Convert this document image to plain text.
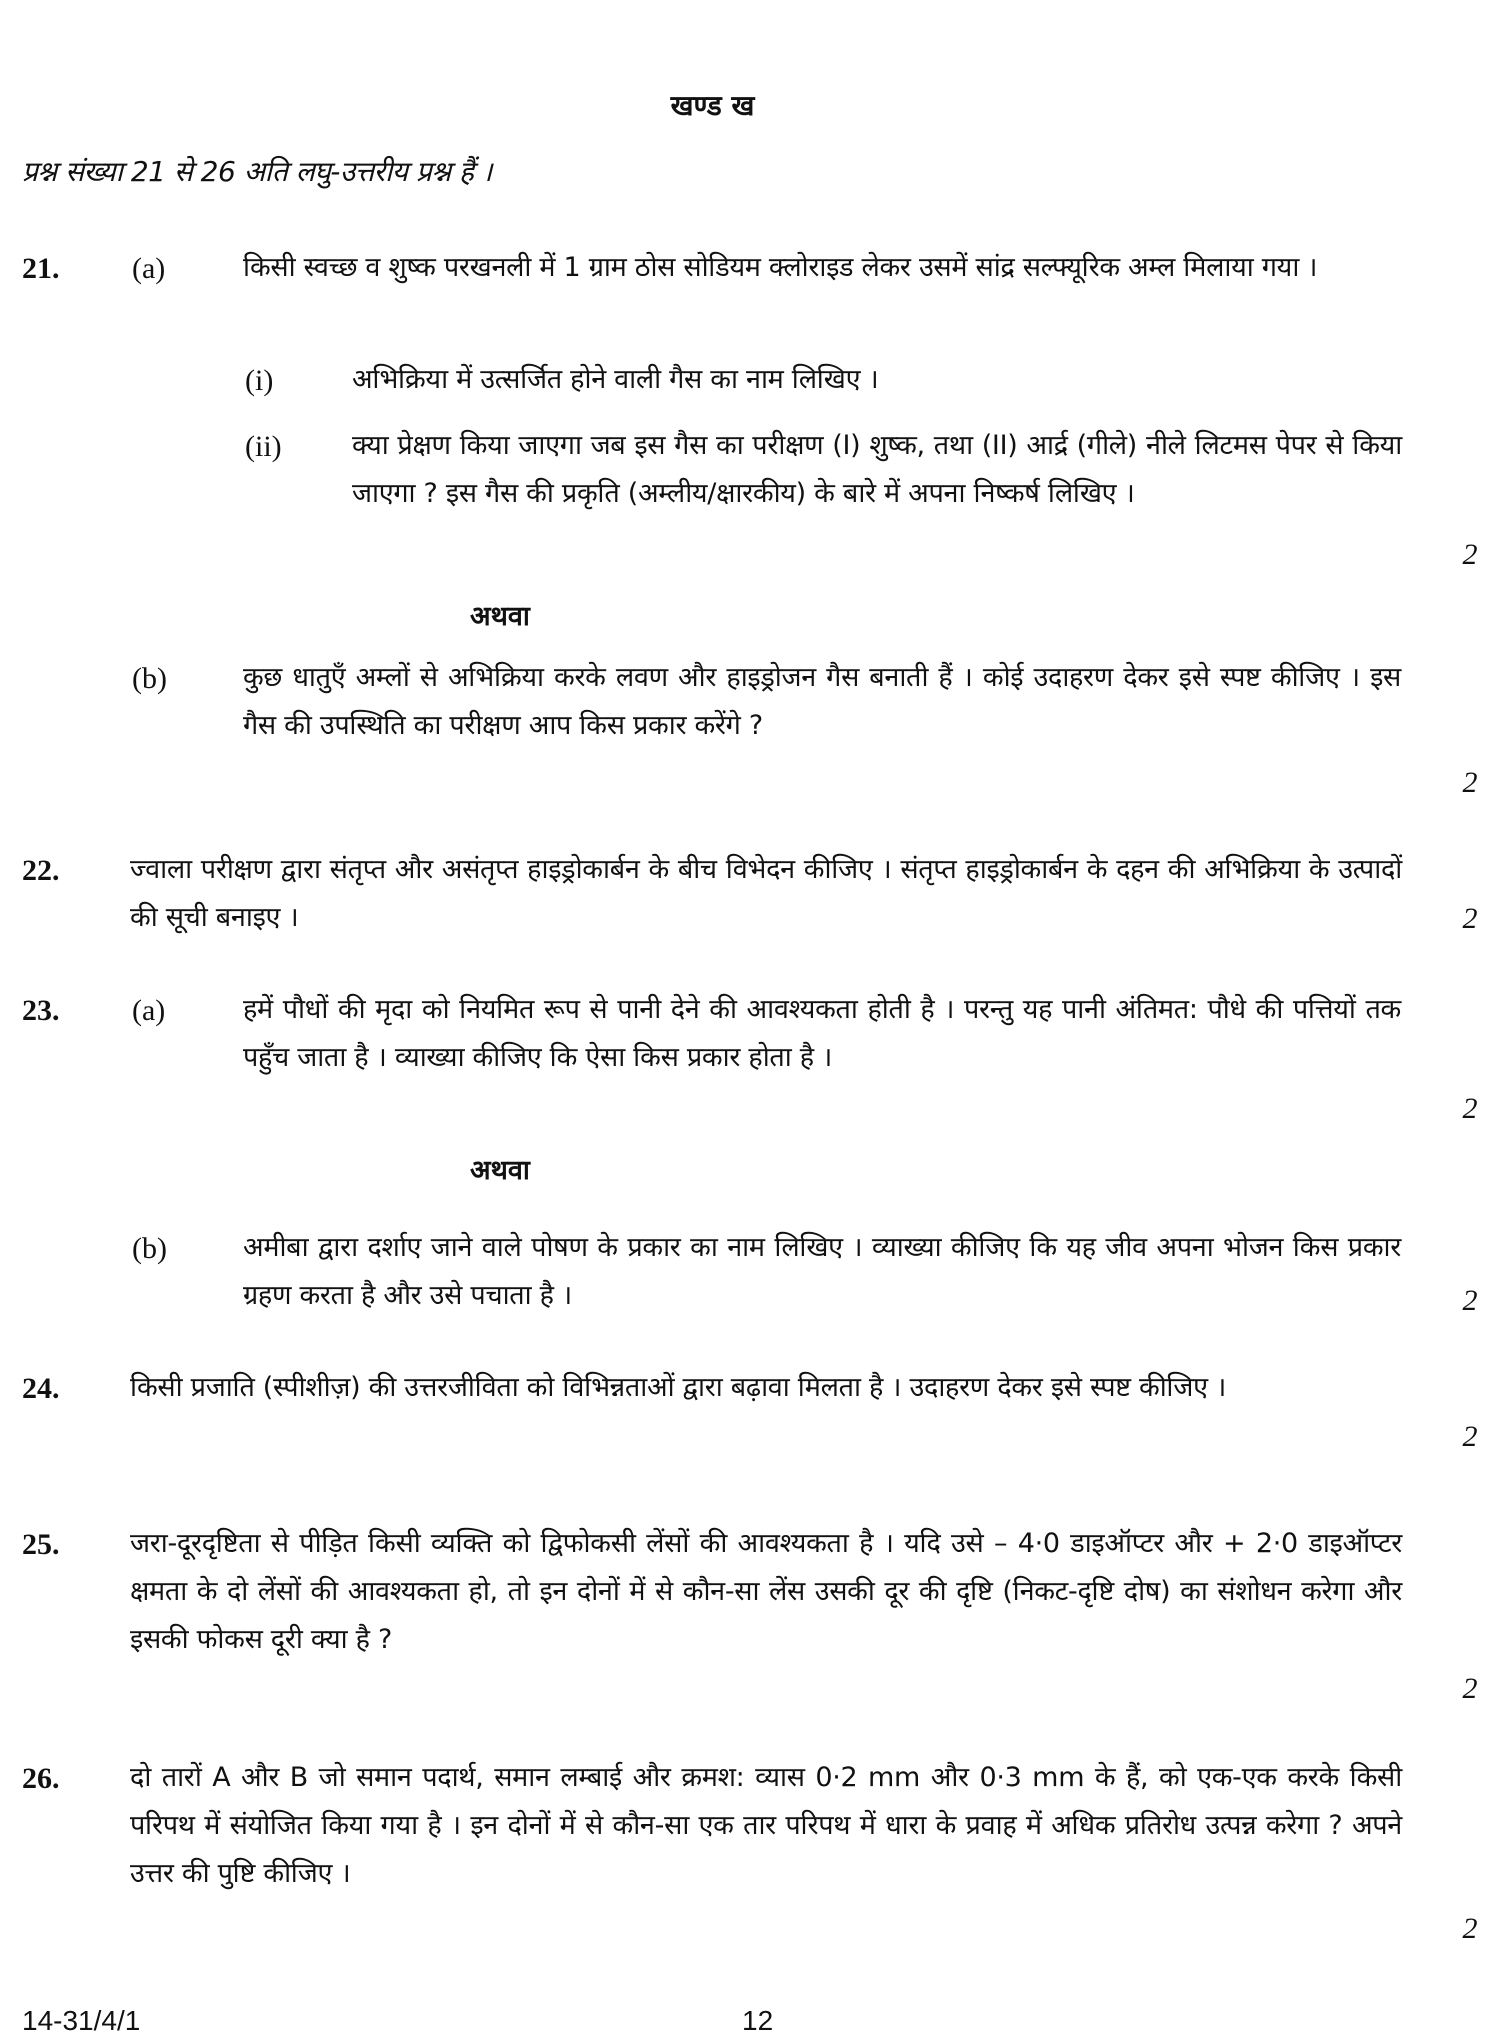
खण्ड ख
प्रश्न संख्या 21 से 26 अति लघु-उत्तरीय प्रश्न हैं ।
21. (a)	किसी स्वच्छ व शुष्क परखनली में 1 ग्राम ठोस सोडियम क्लोराइड लेकर उसमें सांद्र सल्फ्यूरिक अम्ल मिलाया गया ।
(i)	अभिक्रिया में उत्सर्जित होने वाली गैस का नाम लिखिए ।
(ii)	क्या प्रेक्षण किया जाएगा जब इस गैस का परीक्षण (I) शुष्क, तथा (II) आर्द्र (गीले) नीले लिटमस पेपर से किया जाएगा ? इस गैस की प्रकृति (अम्लीय/क्षारकीय) के बारे में अपना निष्कर्ष लिखिए ।
2
अथवा
(b)	कुछ धातुएँ अम्लों से अभिक्रिया करके लवण और हाइड्रोजन गैस बनाती हैं । कोई उदाहरण देकर इसे स्पष्ट कीजिए । इस गैस की उपस्थिति का परीक्षण आप किस प्रकार करेंगे ?
2
22.	ज्वाला परीक्षण द्वारा संतृप्त और असंतृप्त हाइड्रोकार्बन के बीच विभेदन कीजिए । संतृप्त हाइड्रोकार्बन के दहन की अभिक्रिया के उत्पादों की सूची बनाइए ।	2
23. (a)	हमें पौधों की मृदा को नियमित रूप से पानी देने की आवश्यकता होती है । परन्तु यह पानी अंतिमत: पौधे की पत्तियों तक पहुँच जाता है । व्याख्या कीजिए कि ऐसा किस प्रकार होता है ।
2
अथवा
(b)	अमीबा द्वारा दर्शाए जाने वाले पोषण के प्रकार का नाम लिखिए । व्याख्या कीजिए कि यह जीव अपना भोजन किस प्रकार ग्रहण करता है और उसे पचाता है ।	2
24.	किसी प्रजाति (स्पीशीज़) की उत्तरजीविता को विभिन्नताओं द्वारा बढ़ावा मिलता है । उदाहरण देकर इसे स्पष्ट कीजिए ।
2
25.	जरा-दूरदृष्टिता से पीड़ित किसी व्यक्ति को द्विफोकसी लेंसों की आवश्यकता है । यदि उसे – 4·0 डाइऑप्टर और + 2·0 डाइऑप्टर क्षमता के दो लेंसों की आवश्यकता हो, तो इन दोनों में से कौन-सा लेंस उसकी दूर की दृष्टि (निकट-दृष्टि दोष) का संशोधन करेगा और इसकी फोकस दूरी क्या है ?
2
26.	दो तारों A और B जो समान पदार्थ, समान लम्बाई और क्रमश: व्यास 0·2 mm और 0·3 mm के हैं, को एक-एक करके किसी परिपथ में संयोजित किया गया है । इन दोनों में से कौन-सा एक तार परिपथ में धारा के प्रवाह में अधिक प्रतिरोध उत्पन्न करेगा ? अपने उत्तर की पुष्टि कीजिए ।
2
14-31/4/1	12
